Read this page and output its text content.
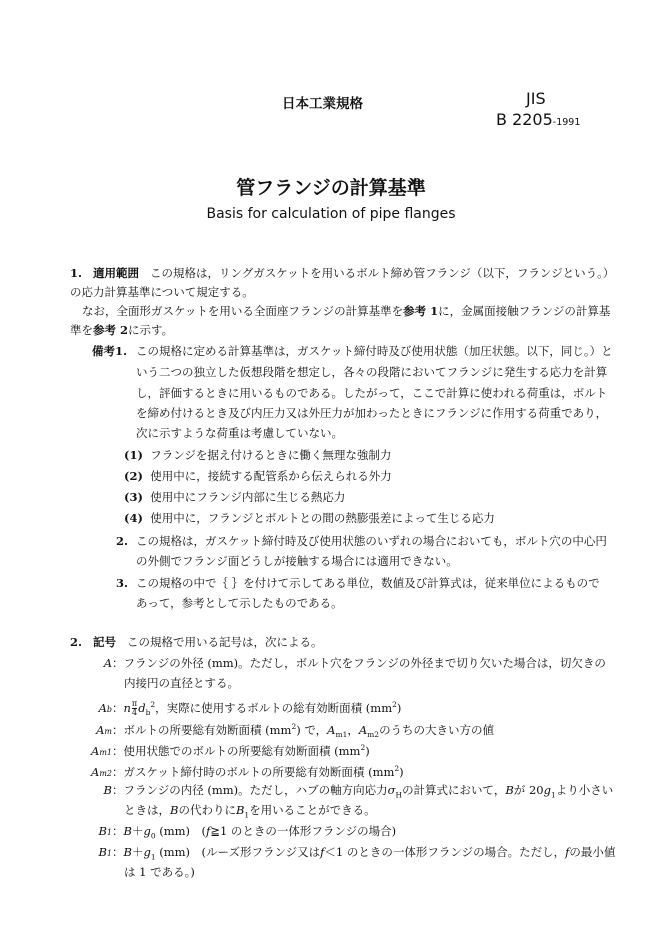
日本工業規格	JIS
B 2205-1991
管フランジの計算基準
Basis for calculation of pipe flanges
1. 適用範囲 この規格は，リングガスケットを用いるボルト締め管フランジ（以下，フランジという。）
の応力計算基準について規定する。
なお，全面形ガスケットを用いる全面座フランジの計算基準を参考 1に，金属面接触フランジの計算基
準を参考 2に示す。
備考1. この規格に定める計算基準は，ガスケット締付時及び使用状態（加圧状態。以下，同じ。）と
いう二つの独立した仮想段階を想定し，各々の段階においてフランジに発生する応力を計算
し，評価するときに用いるものである。したがって，ここで計算に使われる荷重は，ボルト
を締め付けるとき及び内圧力又は外圧力が加わったときにフランジに作用する荷重であり，
次に示すような荷重は考慮していない。
(1) フランジを据え付けるときに働く無理な強制力
(2) 使用中に，接続する配管系から伝えられる外力
(3) 使用中にフランジ内部に生じる熱応力
(4) 使用中に，フランジとボルトとの間の熱膨張差によって生じる応力
2. この規格は，ガスケット締付時及び使用状態のいずれの場合においても，ボルト穴の中心円
の外側でフランジ面どうしが接触する場合には適用できない。
3. この規格の中で｛ ｝を付けて示してある単位，数値及び計算式は，従来単位によるもので
あって，参考として示したものである。
2. 記号 この規格で用いる記号は，次による。
A：フランジの外径 (mm)。ただし，ボルト穴をフランジの外径まで切り欠いた場合は，切欠きの
内接円の直径とする。
Ab：n $\frac{\pi}{4} d_b^2$，実際に使用するボルトの総有効断面積 $(mm^2)$
Am：ボルトの所要総有効断面積 $(mm^2)$ で，$A_{m1}$，$A_{m2}$のうちの大きい方の値
Am1：使用状態でのボルトの所要総有効断面積 $(mm^2)$
Am2：ガスケット締付時のボルトの所要総有効断面積 $(mm^2)$
B：フランジの内径 (mm)。ただし，ハブの軸方向応力$\sigma_H$の計算式において，Bが $20g_1$より小さい
ときは，Bの代わりに$B_1$を用いることができる。
B1：$B+g_0$ (mm)　(f≧1 のときの一体形フランジの場合)
B1：$B+g_1$ (mm)　(ルーズ形フランジ又はf＜1 のときの一体形フランジの場合。ただし，fの最小値
は 1 である。)
